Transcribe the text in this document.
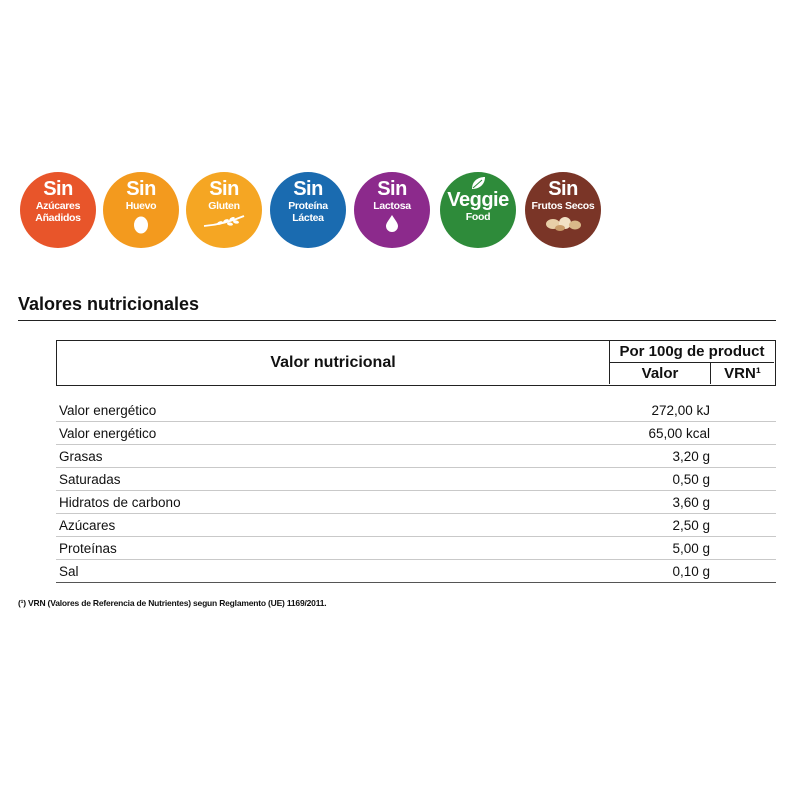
Sin
Azúcares
Añadidos
Sin
Huevo
Sin
Gluten
Sin
Proteína
Láctea
Sin
Lactosa Veggie
Food
Sin
Frutos Secos
Valores nutricionales
Valor nutricional
Por 100g de product
Valor	VRN¹
Valor energético	272,00 kJ
Valor energético	65,00 kcal
Grasas	3,20 g
Saturadas	0,50 g
Hidratos de carbono	3,60 g
Azúcares	2,50 g
Proteínas	5,00 g
Sal	0,10 g
(¹) VRN (Valores de Referencia de Nutrientes) segun Reglamento (UE) 1169/2011.
